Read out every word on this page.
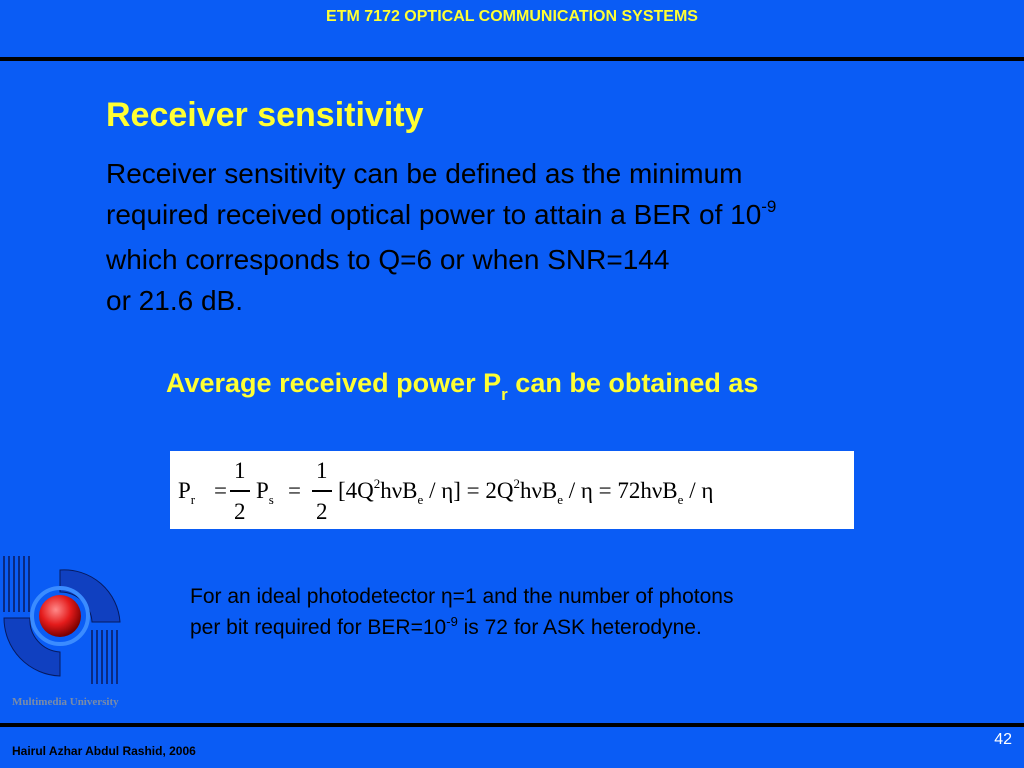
ETM 7172 OPTICAL COMMUNICATION SYSTEMS
Receiver sensitivity
Receiver sensitivity can be defined as the minimum
required received optical power to attain a BER of $10^{-9}$
which corresponds to Q=6 or when SNR=144
or 21.6 dB.
Average received power $P_r$ can be obtained as
$P_r$ =
1
2
$P_s$ =
1
2
$[4Q^2h\nu B_e / \eta] = 2Q^2h\nu B_e / \eta = 72h\nu B_e / \eta$
For an ideal photodetector η=1 and the number of photons
per bit required for $BER=10^{-9}$ is 72 for ASK heterodyne.
Multimedia University
Hairul Azhar Abdul Rashid, 2006
42
